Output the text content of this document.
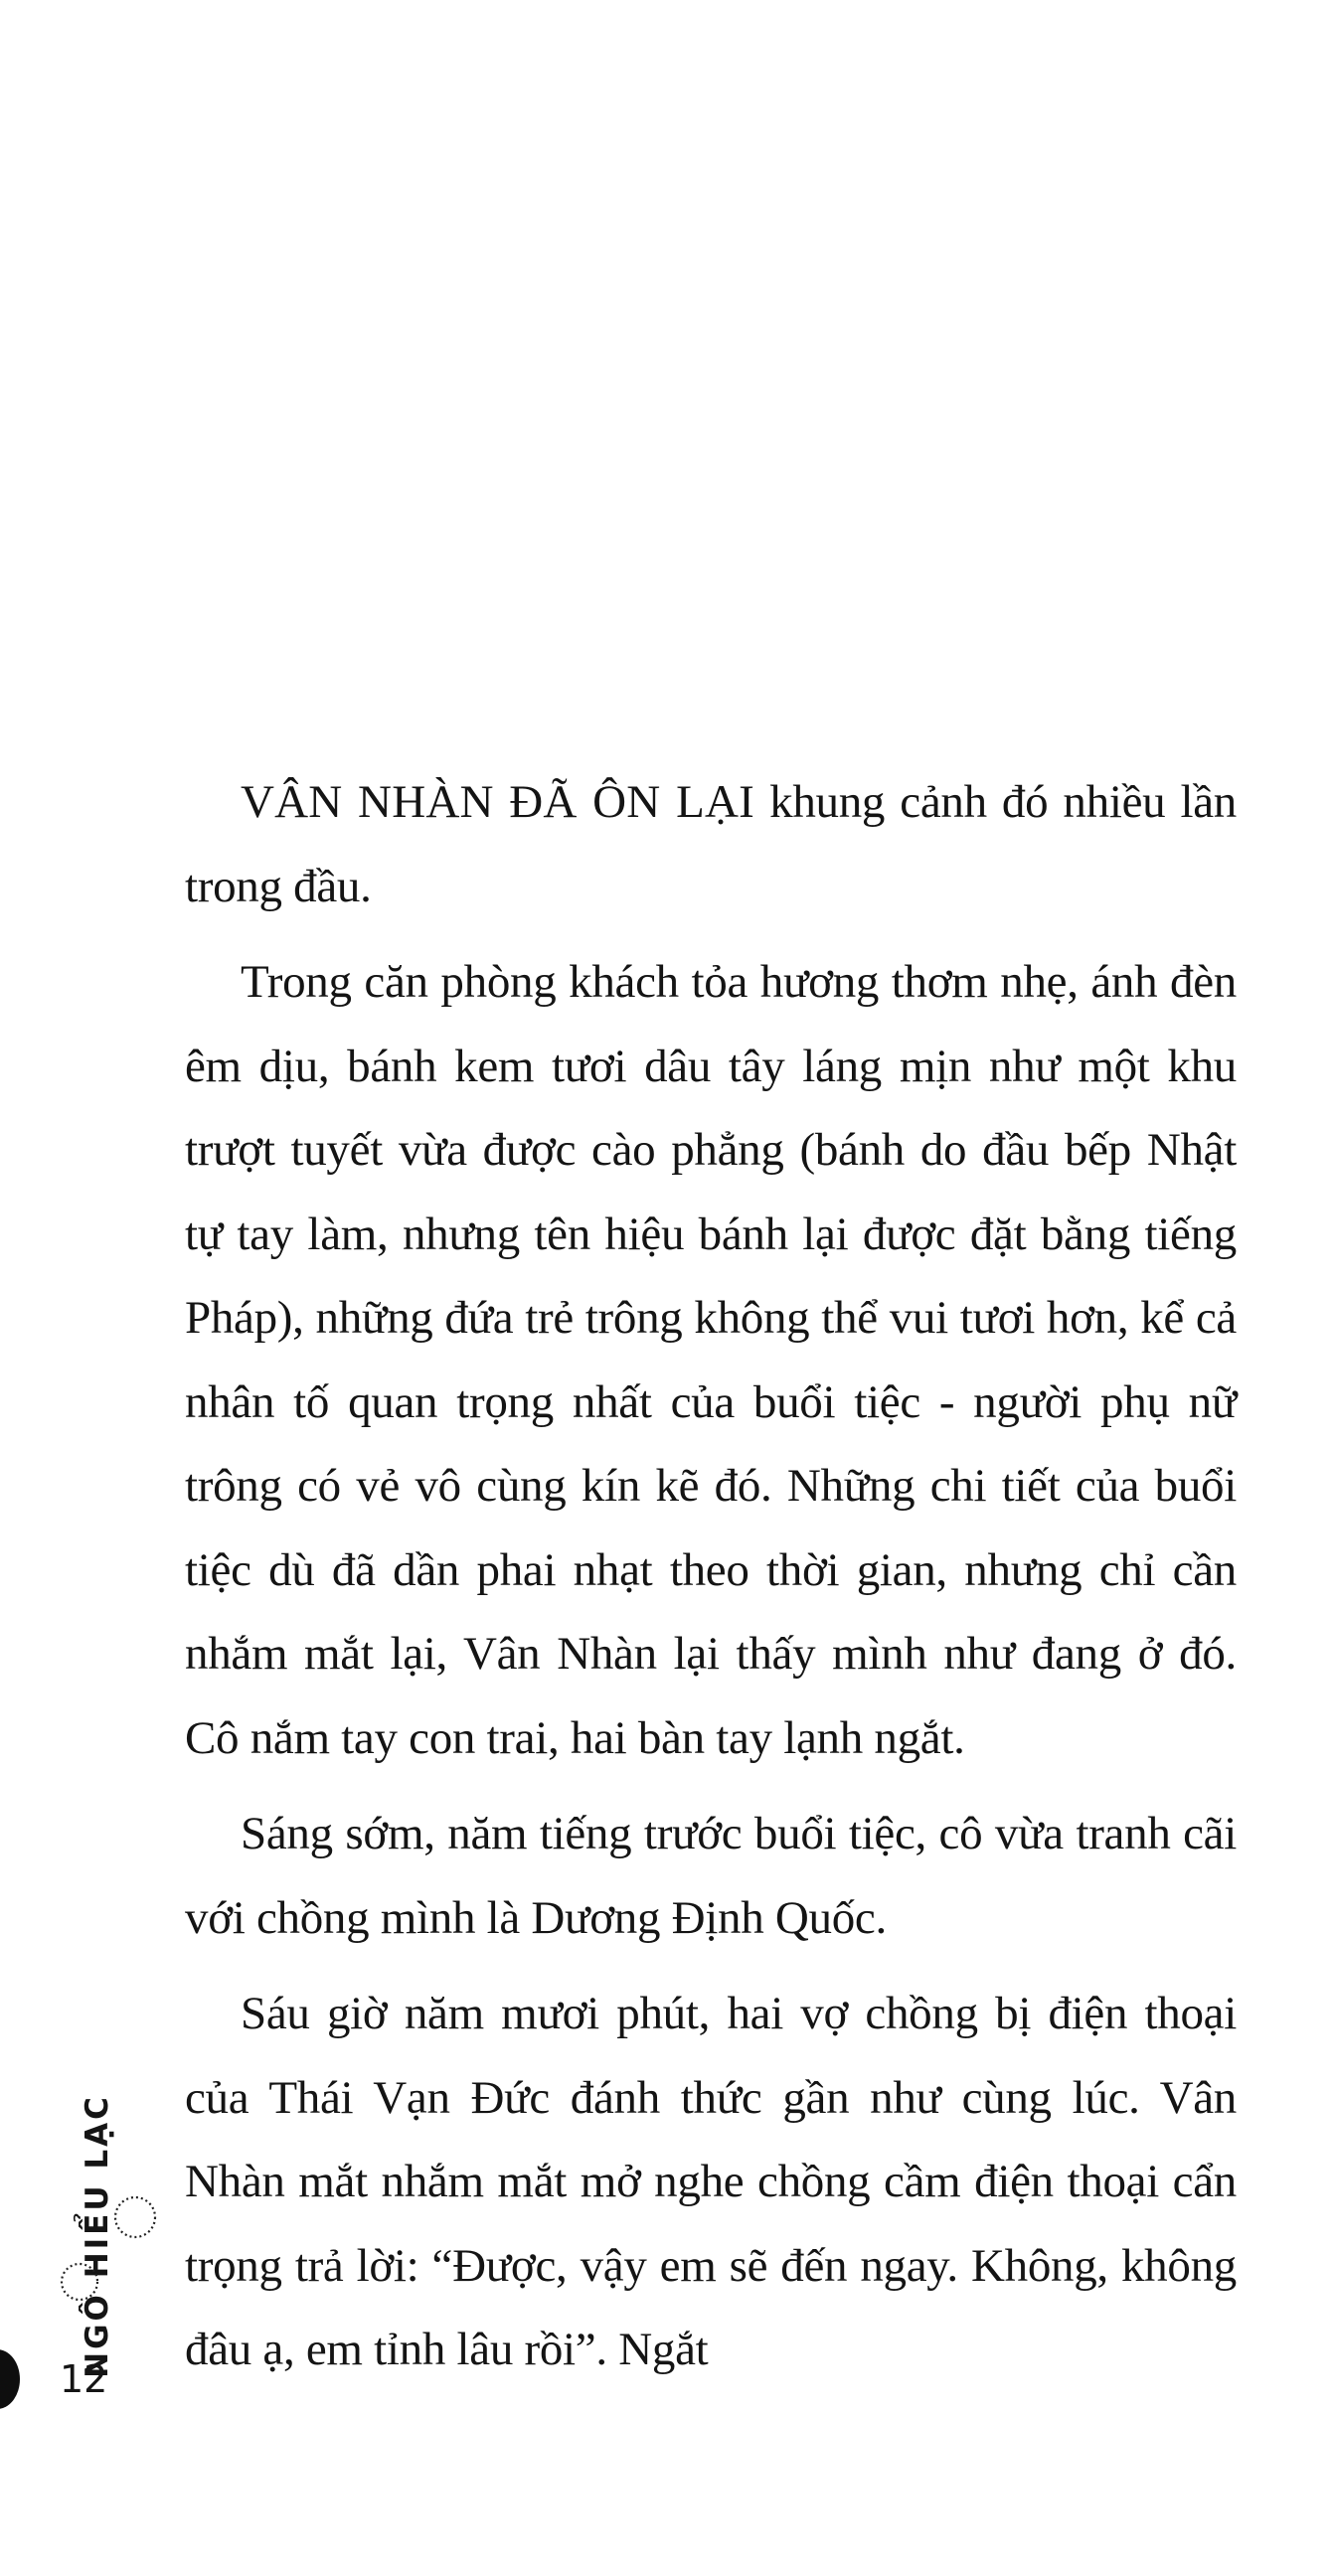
VÂN NHÀN ĐÃ ÔN LẠI khung cảnh đó nhiều lần trong đầu.

Trong căn phòng khách tỏa hương thơm nhẹ, ánh đèn êm dịu, bánh kem tươi dâu tây láng mịn như một khu trượt tuyết vừa được cào phẳng (bánh do đầu bếp Nhật tự tay làm, nhưng tên hiệu bánh lại được đặt bằng tiếng Pháp), những đứa trẻ trông không thể vui tươi hơn, kể cả nhân tố quan trọng nhất của buổi tiệc - người phụ nữ trông có vẻ vô cùng kín kẽ đó. Những chi tiết của buổi tiệc dù đã dần phai nhạt theo thời gian, nhưng chỉ cần nhắm mắt lại, Vân Nhàn lại thấy mình như đang ở đó. Cô nắm tay con trai, hai bàn tay lạnh ngắt.

Sáng sớm, năm tiếng trước buổi tiệc, cô vừa tranh cãi với chồng mình là Dương Định Quốc.

Sáu giờ năm mươi phút, hai vợ chồng bị điện thoại của Thái Vạn Đức đánh thức gần như cùng lúc. Vân Nhàn mắt nhắm mắt mở nghe chồng cầm điện thoại cẩn trọng trả lời: “Được, vậy em sẽ đến ngay. Không, không đâu ạ, em tỉnh lâu rồi”. Ngắt

NGÔ HIỂU LẠC
12
